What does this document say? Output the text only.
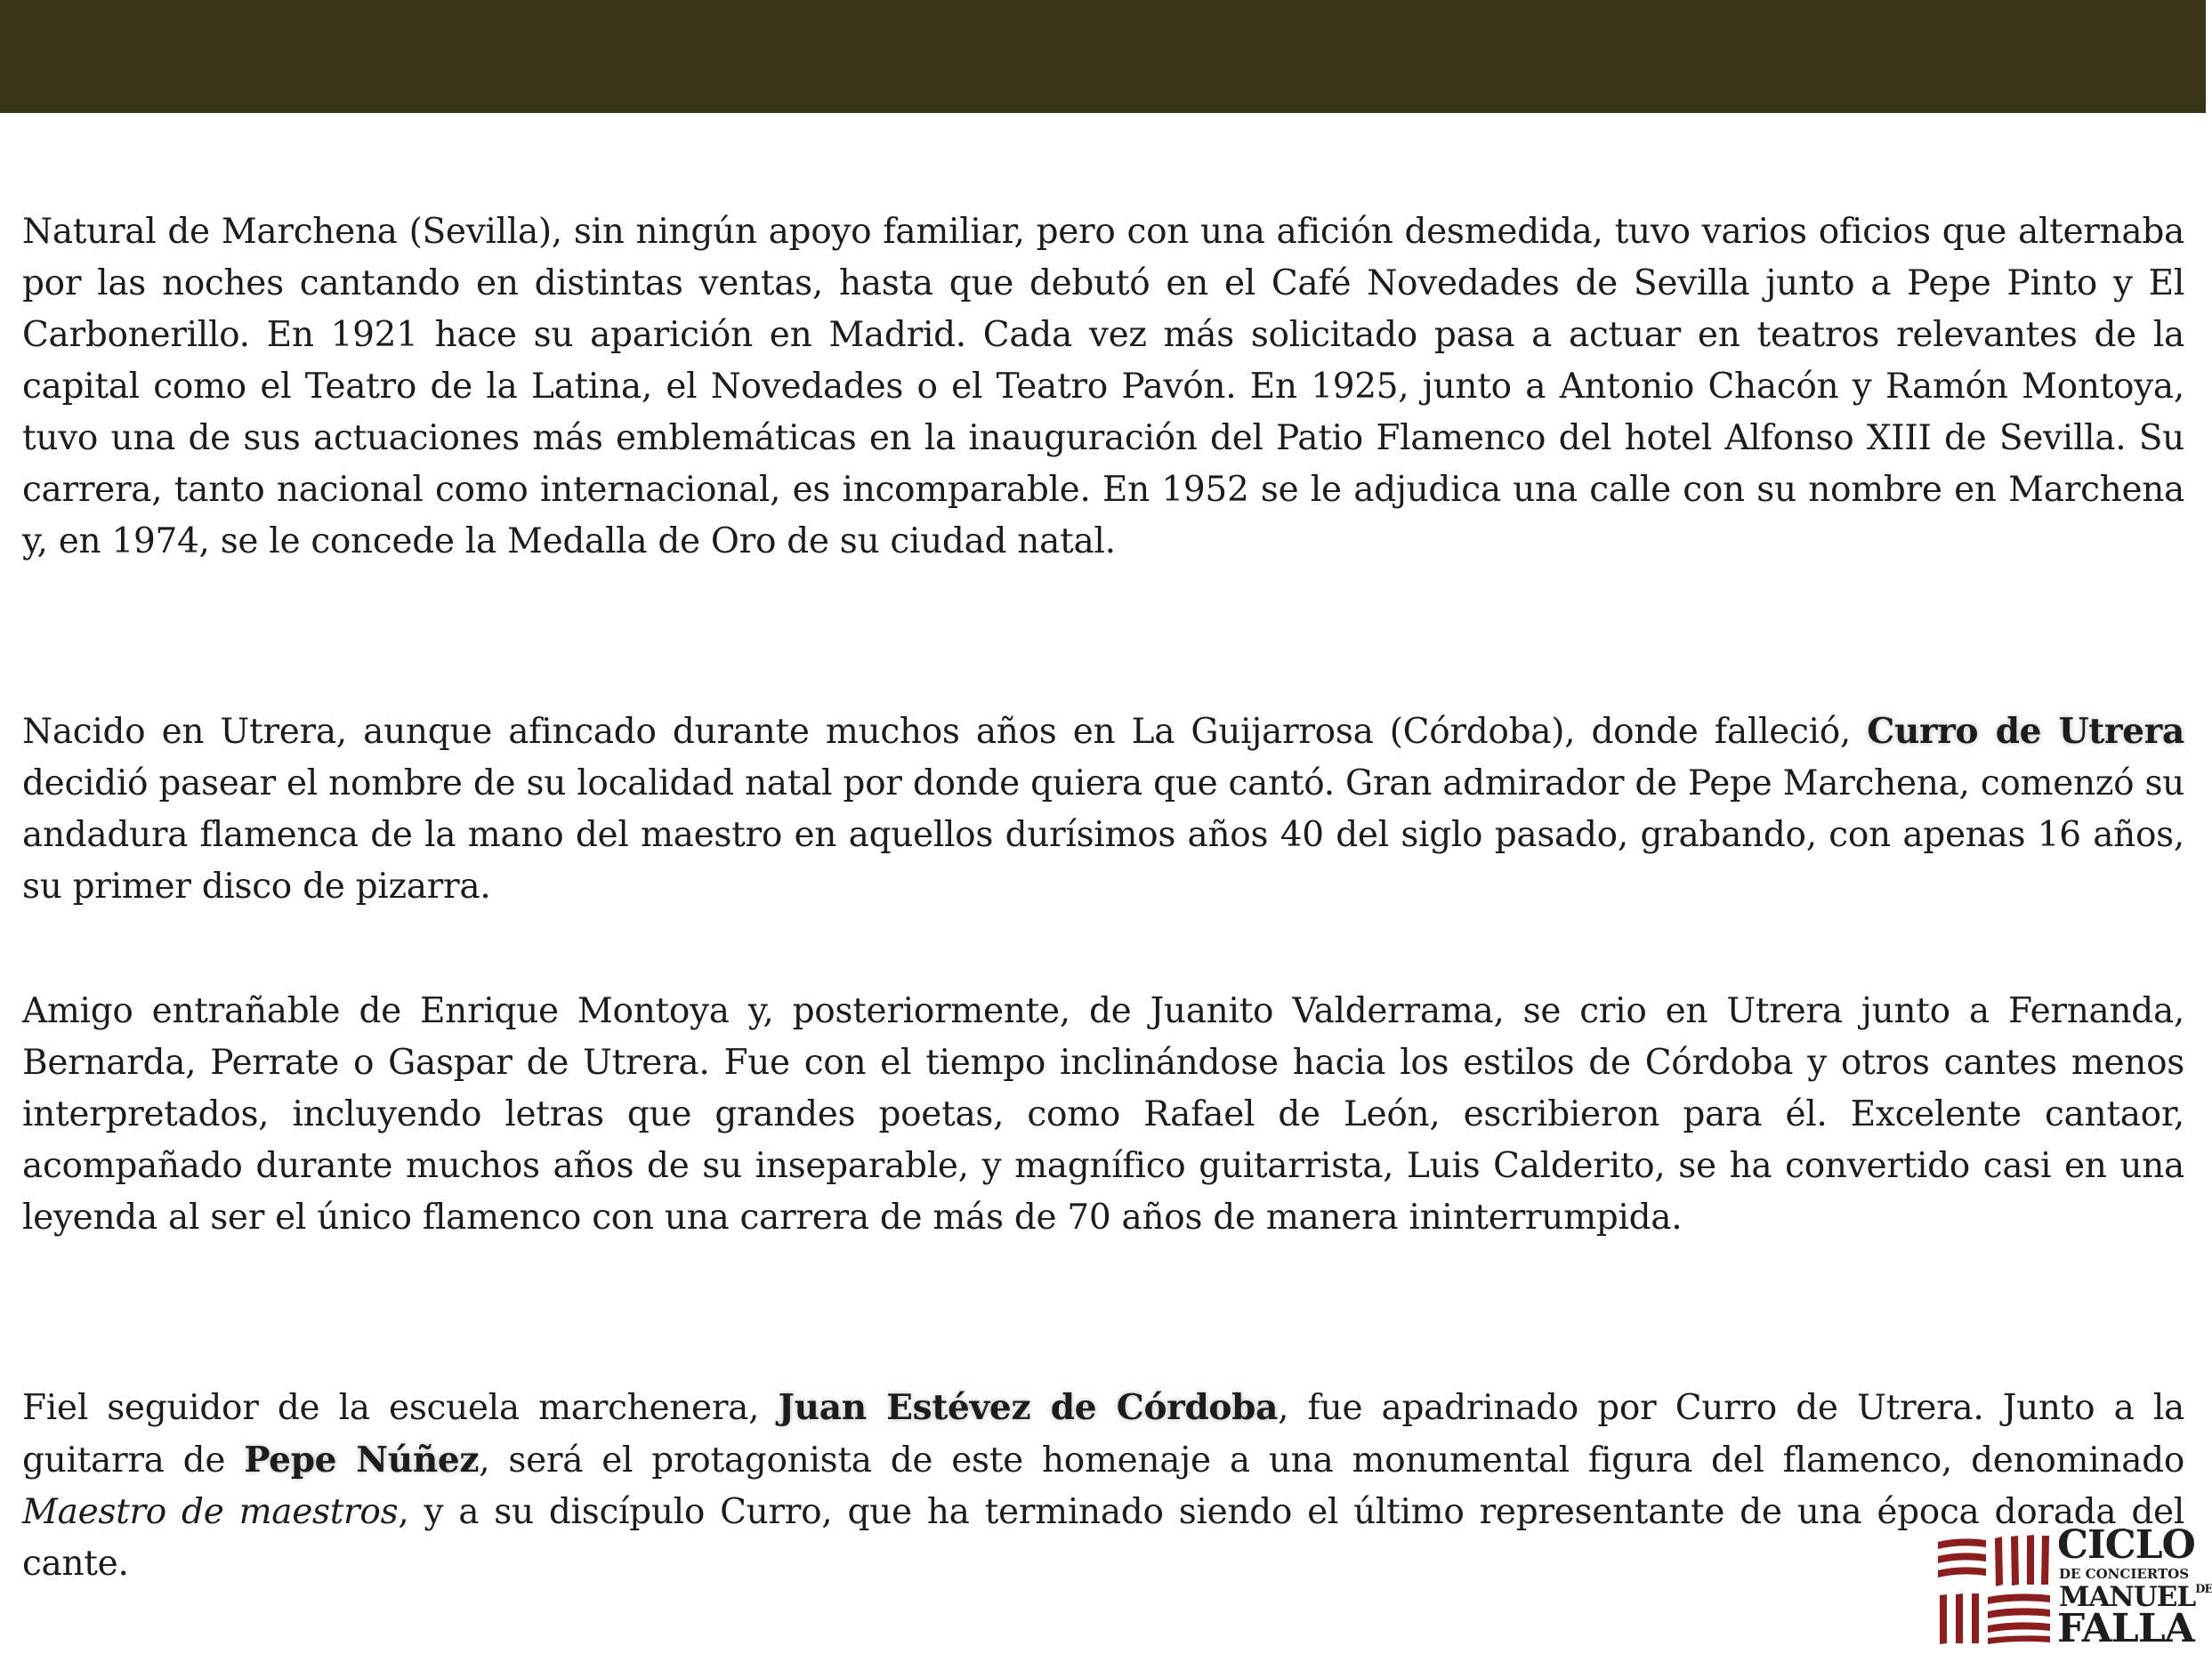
Natural de Marchena (Sevilla), sin ningún apoyo familiar, pero con una afición desmedida, tuvo varios oficios que alternaba por las noches cantando en distintas ventas, hasta que debutó en el Café Novedades de Sevilla junto a Pepe Pinto y El Carbonerillo. En 1921 hace su aparición en Madrid. Cada vez más solicitado pasa a actuar en teatros relevantes de la capital como el Teatro de la Latina, el Novedades o el Teatro Pavón. En 1925, junto a Antonio Chacón y Ramón Montoya, tuvo una de sus actuaciones más emblemáticas en la inauguración del Patio Flamenco del hotel Alfonso XIII de Sevilla. Su carrera, tanto nacional como internacional, es incomparable. En 1952 se le adjudica una calle con su nombre en Marchena y, en 1974, se le concede la Medalla de Oro de su ciudad natal.

Nacido en Utrera, aunque afincado durante muchos años en La Guijarrosa (Córdoba), donde falleció, Curro de Utrera decidió pasear el nombre de su localidad natal por donde quiera que cantó. Gran admirador de Pepe Marchena, comenzó su andadura flamenca de la mano del maestro en aquellos durísimos años 40 del siglo pasado, grabando, con apenas 16 años, su primer disco de pizarra.

Amigo entrañable de Enrique Montoya y, posteriormente, de Juanito Valderrama, se crio en Utrera junto a Fernanda, Bernarda, Perrate o Gaspar de Utrera. Fue con el tiempo inclinándose hacia los estilos de Córdoba y otros cantes menos interpretados, incluyendo letras que grandes poetas, como Rafael de León, escribieron para él. Excelente cantaor, acompañado durante muchos años de su inseparable, y magnífico guitarrista, Luis Calderito, se ha convertido casi en una leyenda al ser el único flamenco con una carrera de más de 70 años de manera ininterrumpida.

Fiel seguidor de la escuela marchenera, Juan Estévez de Córdoba, fue apadrinado por Curro de Utrera. Junto a la guitarra de Pepe Núñez, será el protagonista de este homenaje a una monumental figura del flamenco, denominado Maestro de maestros, y a su discípulo Curro, que ha terminado siendo el último representante de una época dorada del cante.	CICLO
DE CONCIERTOS
$MANUEL^{DE}$
FALLA
